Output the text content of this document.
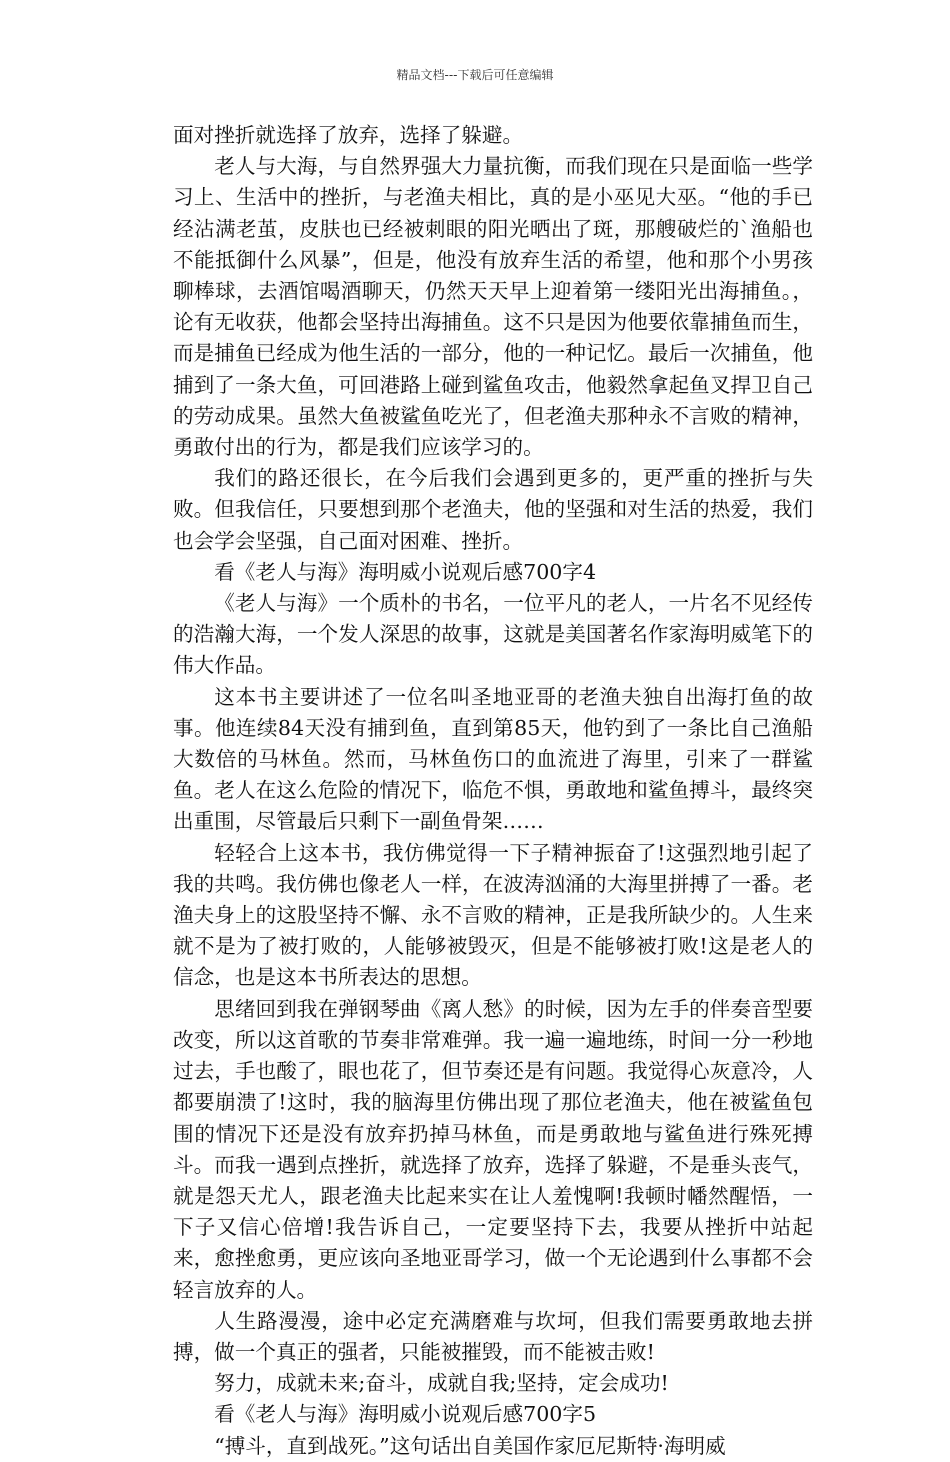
精品文档---下载后可任意编辑

面对挫折就选择了放弃，选择了躲避。

老人与大海，与自然界强大力量抗衡，而我们现在只是面临一些学习上、生活中的挫折，与老渔夫相比，真的是小巫见大巫。“他的手已经沾满老茧，皮肤也已经被刺眼的阳光晒出了斑，那艘破烂的`渔船也不能抵御什么风暴”，但是，他没有放弃生活的希望，他和那个小男孩聊棒球，去酒馆喝酒聊天，仍然天天早上迎着第一缕阳光出海捕鱼。，论有无收获，他都会坚持出海捕鱼。这不只是因为他要依靠捕鱼而生，而是捕鱼已经成为他生活的一部分，他的一种记忆。最后一次捕鱼，他捕到了一条大鱼，可回港路上碰到鲨鱼攻击，他毅然拿起鱼叉捍卫自己的劳动成果。虽然大鱼被鲨鱼吃光了，但老渔夫那种永不言败的精神，勇敢付出的行为，都是我们应该学习的。

我们的路还很长，在今后我们会遇到更多的，更严重的挫折与失败。但我信任，只要想到那个老渔夫，他的坚强和对生活的热爱，我们也会学会坚强，自己面对困难、挫折。

看《老人与海》海明威小说观后感700字4

《老人与海》一个质朴的书名，一位平凡的老人，一片名不见经传的浩瀚大海，一个发人深思的故事，这就是美国著名作家海明威笔下的伟大作品。

这本书主要讲述了一位名叫圣地亚哥的老渔夫独自出海打鱼的故事。他连续84天没有捕到鱼，直到第85天，他钓到了一条比自己渔船大数倍的马林鱼。然而，马林鱼伤口的血流进了海里，引来了一群鲨鱼。老人在这么危险的情况下，临危不惧，勇敢地和鲨鱼搏斗，最终突出重围，尽管最后只剩下一副鱼骨架……

轻轻合上这本书，我仿佛觉得一下子精神振奋了!这强烈地引起了我的共鸣。我仿佛也像老人一样，在波涛汹涌的大海里拼搏了一番。老渔夫身上的这股坚持不懈、永不言败的精神，正是我所缺少的。人生来就不是为了被打败的，人能够被毁灭，但是不能够被打败!这是老人的信念，也是这本书所表达的思想。

思绪回到我在弹钢琴曲《离人愁》的时候，因为左手的伴奏音型要改变，所以这首歌的节奏非常难弹。我一遍一遍地练，时间一分一秒地过去，手也酸了，眼也花了，但节奏还是有问题。我觉得心灰意冷，人都要崩溃了!这时，我的脑海里仿佛出现了那位老渔夫，他在被鲨鱼包围的情况下还是没有放弃扔掉马林鱼，而是勇敢地与鲨鱼进行殊死搏斗。而我一遇到点挫折，就选择了放弃，选择了躲避，不是垂头丧气，就是怨天尤人，跟老渔夫比起来实在让人羞愧啊!我顿时幡然醒悟，一下子又信心倍增!我告诉自己，一定要坚持下去，我要从挫折中站起来，愈挫愈勇，更应该向圣地亚哥学习，做一个无论遇到什么事都不会轻言放弃的人。

人生路漫漫，途中必定充满磨难与坎坷，但我们需要勇敢地去拼搏，做一个真正的强者，只能被摧毁，而不能被击败!

努力，成就未来;奋斗，成就自我;坚持，定会成功!

看《老人与海》海明威小说观后感700字5

“搏斗，直到战死。”这句话出自美国作家厄尼斯特·海明威
